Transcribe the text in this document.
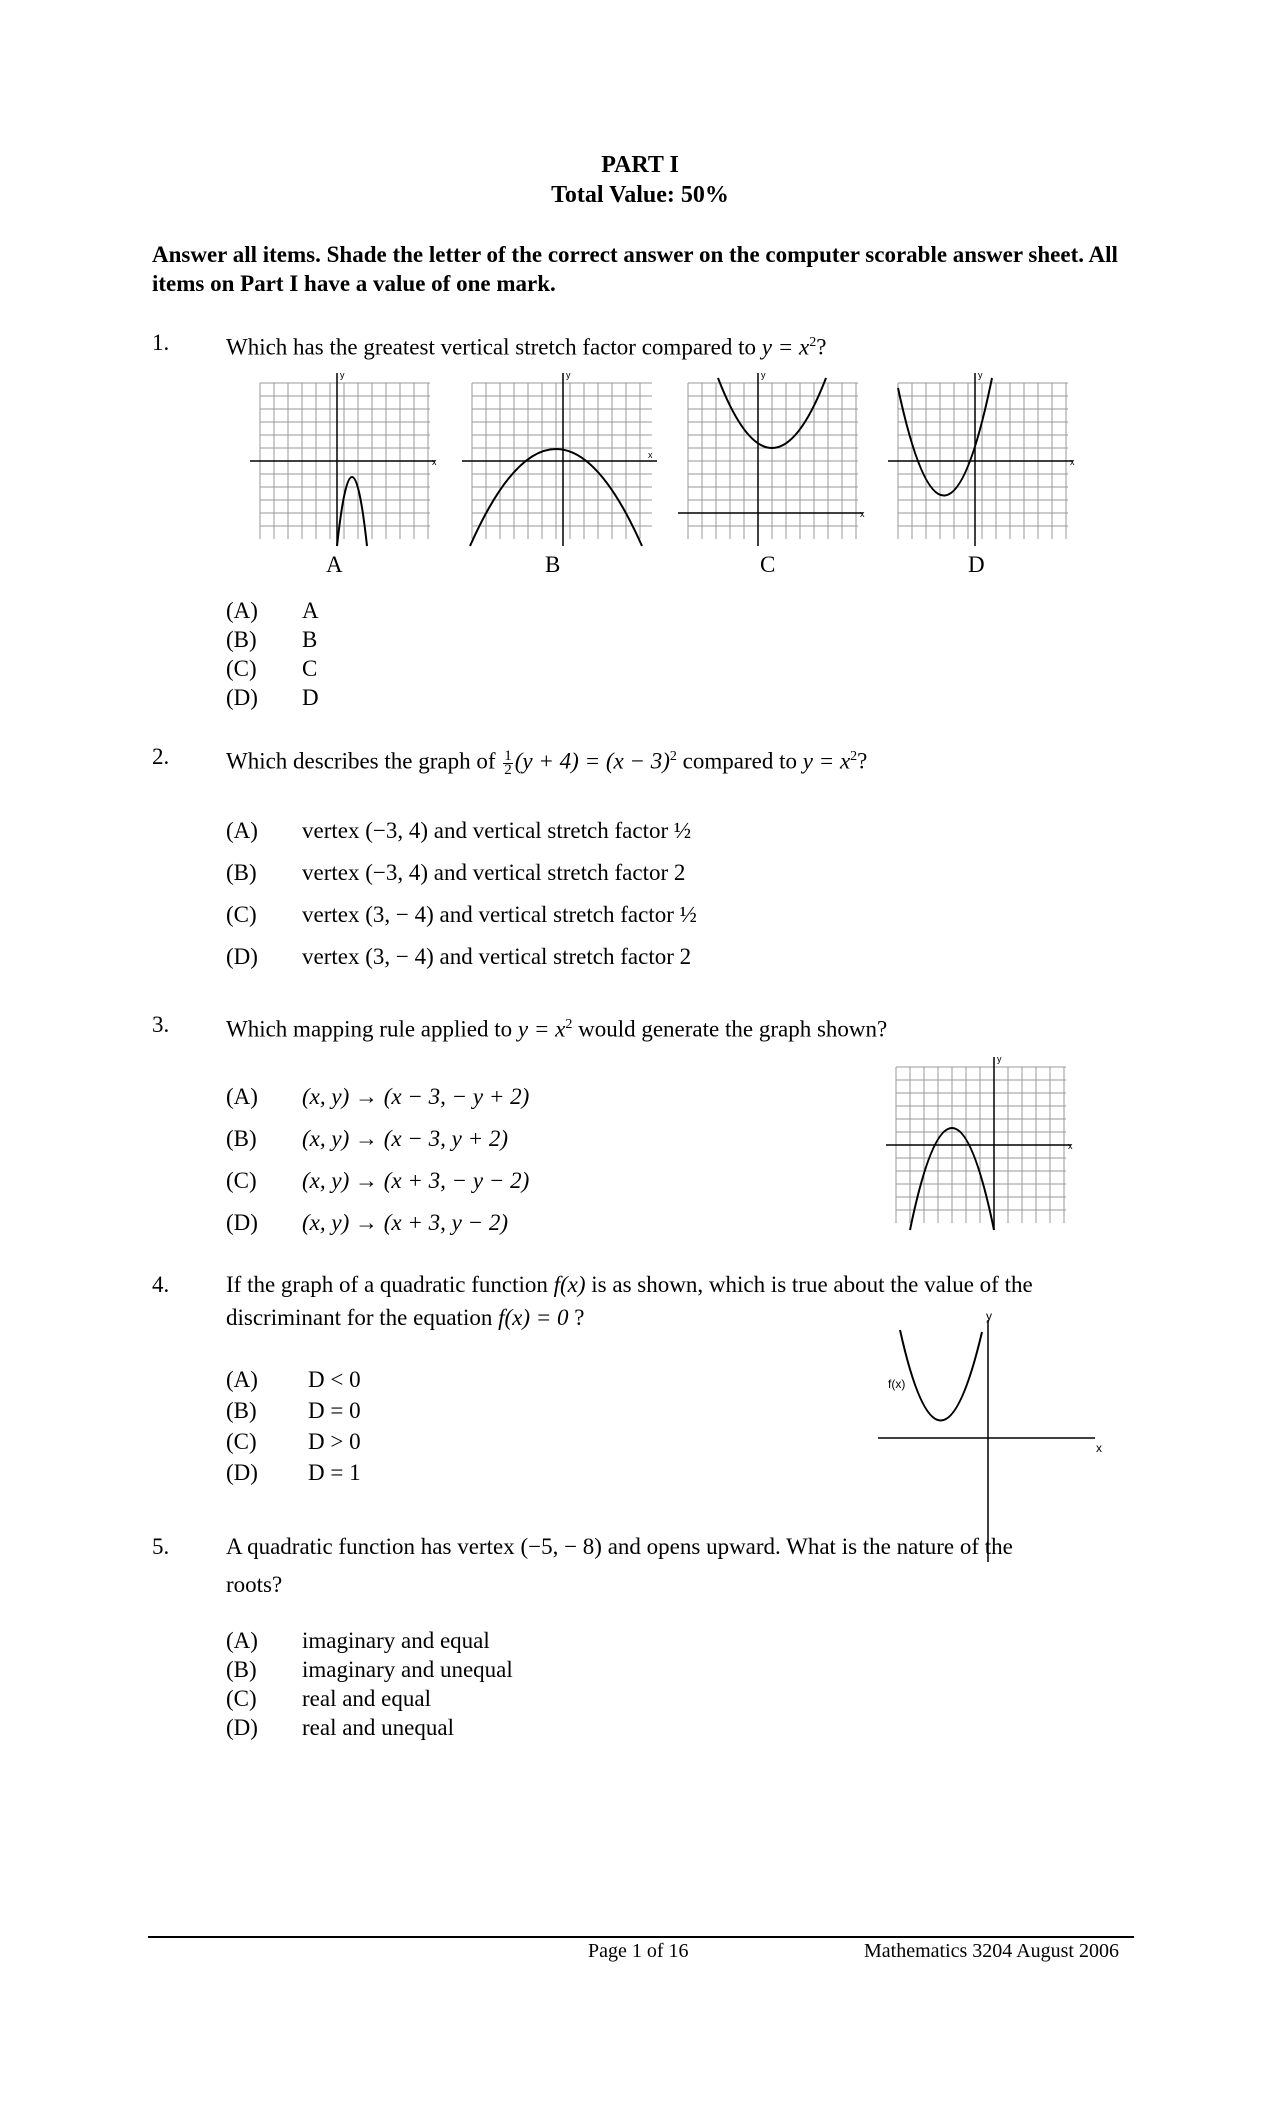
PART I
Total Value: 50%
Answer all items. Shade the letter of the correct answer on the computer scorable answer sheet. All items on Part I have a value of one mark.
1. Which has the greatest vertical stretch factor compared to $y = x^2$?
x
y
x
y
x
y
x
y
A	B	C	D
(A) A
(B) B
(C) C
(D) D
2. Which describes the graph of $\frac{1}{2} (y + 4) = (x - 3)^2$ compared to $y = x^2$?
(A) vertex (−3, 4) and vertical stretch factor ½
(B) vertex (−3, 4) and vertical stretch factor 2
(C) vertex (3, − 4) and vertical stretch factor ½
(D) vertex (3, − 4) and vertical stretch factor 2
3. Which mapping rule applied to $y = x^2$ would generate the graph shown?
(A) (x, y) → (x − 3, − y + 2)
(B) (x, y) → (x − 3, y + 2)
(C) (x, y) → (x + 3, − y − 2)
(D) (x, y) → (x + 3, y − 2)
x
y
4. If the graph of a quadratic function f(x) is as shown, which is true about the value of the
discriminant for the equation f(x) = 0 ?
(A) D < 0
(B) D = 0
(C) D > 0
(D) D = 1
x
y
f(x)
5. A quadratic function has vertex (−5, − 8) and opens upward. What is the nature of the
roots?
(A) imaginary and equal
(B) imaginary and unequal
(C) real and equal
(D) real and unequal
Page 1 of 16	Mathematics 3204 August 2006
